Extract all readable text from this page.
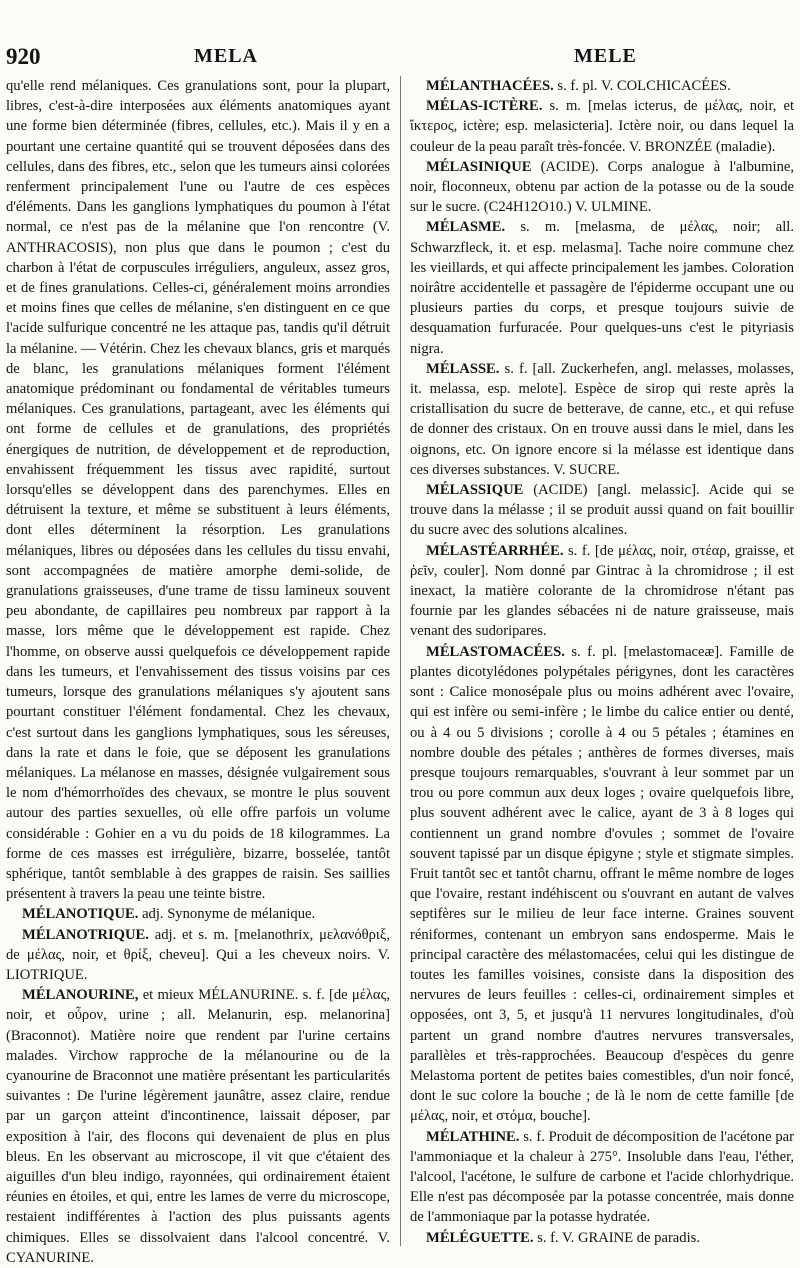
920	MELA	MELE

qu'elle rend mélaniques. Ces granulations sont, pour la plupart, libres, c'est-à-dire interposées aux éléments anatomiques ayant une forme bien déterminée (fibres, cellules, etc.). Mais il y en a pourtant une certaine quantité qui se trouvent déposées dans des cellules, dans des fibres, etc., selon que les tumeurs ainsi colorées renferment principalement l'une ou l'autre de ces espèces d'éléments. Dans les ganglions lymphatiques du poumon à l'état normal, ce n'est pas de la mélanine que l'on rencontre (V. ANTHRACOSIS), non plus que dans le poumon ; c'est du charbon à l'état de corpuscules irréguliers, anguleux, assez gros, et de fines granulations. Celles-ci, généralement moins arrondies et moins fines que celles de mélanine, s'en distinguent en ce que l'acide sulfurique concentré ne les attaque pas, tandis qu'il détruit la mélanine. — Vétérin. Chez les chevaux blancs, gris et marqués de blanc, les granulations mélaniques forment l'élément anatomique prédominant ou fondamental de véritables tumeurs mélaniques. Ces granulations, partageant, avec les éléments qui ont forme de cellules et de granulations, des propriétés énergiques de nutrition, de développement et de reproduction, envahissent fréquemment les tissus avec rapidité, surtout lorsqu'elles se développent dans des parenchymes. Elles en détruisent la texture, et même se substituent à leurs éléments, dont elles déterminent la résorption. Les granulations mélaniques, libres ou déposées dans les cellules du tissu envahi, sont accompagnées de matière amorphe demi-solide, de granulations graisseuses, d'une trame de tissu lamineux souvent peu abondante, de capillaires peu nombreux par rapport à la masse, lors même que le développement est rapide. Chez l'homme, on observe aussi quelquefois ce développement rapide dans les tumeurs, et l'envahissement des tissus voisins par ces tumeurs, lorsque des granulations mélaniques s'y ajoutent sans pourtant constituer l'élément fondamental. Chez les chevaux, c'est surtout dans les ganglions lymphatiques, sous les séreuses, dans la rate et dans le foie, que se déposent les granulations mélaniques. La mélanose en masses, désignée vulgairement sous le nom d'hémorrhoïdes des chevaux, se montre le plus souvent autour des parties sexuelles, où elle offre parfois un volume considérable : Gohier en a vu du poids de 18 kilogrammes. La forme de ces masses est irrégulière, bizarre, bosselée, tantôt sphérique, tantôt semblable à des grappes de raisin. Ses saillies présentent à travers la peau une teinte bistre.

MÉLANOTIQUE. adj. Synonyme de mélanique.

MÉLANOTRIQUE. adj. et s. m. [melanothrix, μελανόθριξ, de μέλας, noir, et θρίξ, cheveu]. Qui a les cheveux noirs. V. LIOTRIQUE.

MÉLANOURINE, et mieux MÉLANURINE. s. f. [de μέλας, noir, et οὖρον, urine ; all. Melanurin, esp. melanorina] (Braconnot). Matière noire que rendent par l'urine certains malades. Virchow rapproche de la mélanourine ou de la cyanourine de Braconnot une matière présentant les particularités suivantes : De l'urine légèrement jaunâtre, assez claire, rendue par un garçon atteint d'incontinence, laissait déposer, par exposition à l'air, des flocons qui devenaient de plus en plus bleus. En les observant au microscope, il vit que c'étaient des aiguilles d'un bleu indigo, rayonnées, qui ordinairement étaient réunies en étoiles, et qui, entre les lames de verre du microscope, restaient indifférentes à l'action des plus puissants agents chimiques. Elles se dissolvaient dans l'alcool concentré. V. CYANURINE.

MÉLANTHACÉES. s. f. pl. V. COLCHICACÉES.

MÉLAS-ICTÈRE. s. m. [melas icterus, de μέλας, noir, et ἴκτερος, ictère; esp. melasicteria]. Ictère noir, ou dans lequel la couleur de la peau paraît très-foncée. V. BRONZÉE (maladie).

MÉLASINIQUE (ACIDE). Corps analogue à l'albumine, noir, floconneux, obtenu par action de la potasse ou de la soude sur le sucre. (C24H12O10.) V. ULMINE.

MÉLASME. s. m. [melasma, de μέλας, noir; all. Schwarzfleck, it. et esp. melasma]. Tache noire commune chez les vieillards, et qui affecte principalement les jambes. Coloration noirâtre accidentelle et passagère de l'épiderme occupant une ou plusieurs parties du corps, et presque toujours suivie de desquamation furfuracée. Pour quelques-uns c'est le pityriasis nigra.

MÉLASSE. s. f. [all. Zuckerhefen, angl. melasses, molasses, it. melassa, esp. melote]. Espèce de sirop qui reste après la cristallisation du sucre de betterave, de canne, etc., et qui refuse de donner des cristaux. On en trouve aussi dans le miel, dans les oignons, etc. On ignore encore si la mélasse est identique dans ces diverses substances. V. SUCRE.

MÉLASSIQUE (ACIDE) [angl. melassic]. Acide qui se trouve dans la mélasse ; il se produit aussi quand on fait bouillir du sucre avec des solutions alcalines.

MÉLASTÉARRHÉE. s. f. [de μέλας, noir, στέαρ, graisse, et ῥεῖν, couler]. Nom donné par Gintrac à la chromidrose ; il est inexact, la matière colorante de la chromidrose n'étant pas fournie par les glandes sébacées ni de nature graisseuse, mais venant des sudoripares.

MÉLASTOMACÉES. s. f. pl. [melastomaceæ]. Famille de plantes dicotylédones polypétales périgynes, dont les caractères sont : Calice monosépale plus ou moins adhérent avec l'ovaire, qui est infère ou semi-infère ; le limbe du calice entier ou denté, ou à 4 ou 5 divisions ; corolle à 4 ou 5 pétales ; étamines en nombre double des pétales ; anthères de formes diverses, mais presque toujours remarquables, s'ouvrant à leur sommet par un trou ou pore commun aux deux loges ; ovaire quelquefois libre, plus souvent adhérent avec le calice, ayant de 3 à 8 loges qui contiennent un grand nombre d'ovules ; sommet de l'ovaire souvent tapissé par un disque épigyne ; style et stigmate simples. Fruit tantôt sec et tantôt charnu, offrant le même nombre de loges que l'ovaire, restant indéhiscent ou s'ouvrant en autant de valves septifères sur le milieu de leur face interne. Graines souvent réniformes, contenant un embryon sans endosperme. Mais le principal caractère des mélastomacées, celui qui les distingue de toutes les familles voisines, consiste dans la disposition des nervures de leurs feuilles : celles-ci, ordinairement simples et opposées, ont 3, 5, et jusqu'à 11 nervures longitudinales, d'où partent un grand nombre d'autres nervures transversales, parallèles et très-rapprochées. Beaucoup d'espèces du genre Melastoma portent de petites baies comestibles, d'un noir foncé, dont le suc colore la bouche ; de là le nom de cette famille [de μέλας, noir, et στόμα, bouche].

MÉLATHINE. s. f. Produit de décomposition de l'acétone par l'ammoniaque et la chaleur à 275°. Insoluble dans l'eau, l'éther, l'alcool, l'acétone, le sulfure de carbone et l'acide chlorhydrique. Elle n'est pas décomposée par la potasse concentrée, mais donne de l'ammoniaque par la potasse hydratée.

MÉLÉGUETTE. s. f. V. GRAINE de paradis.
